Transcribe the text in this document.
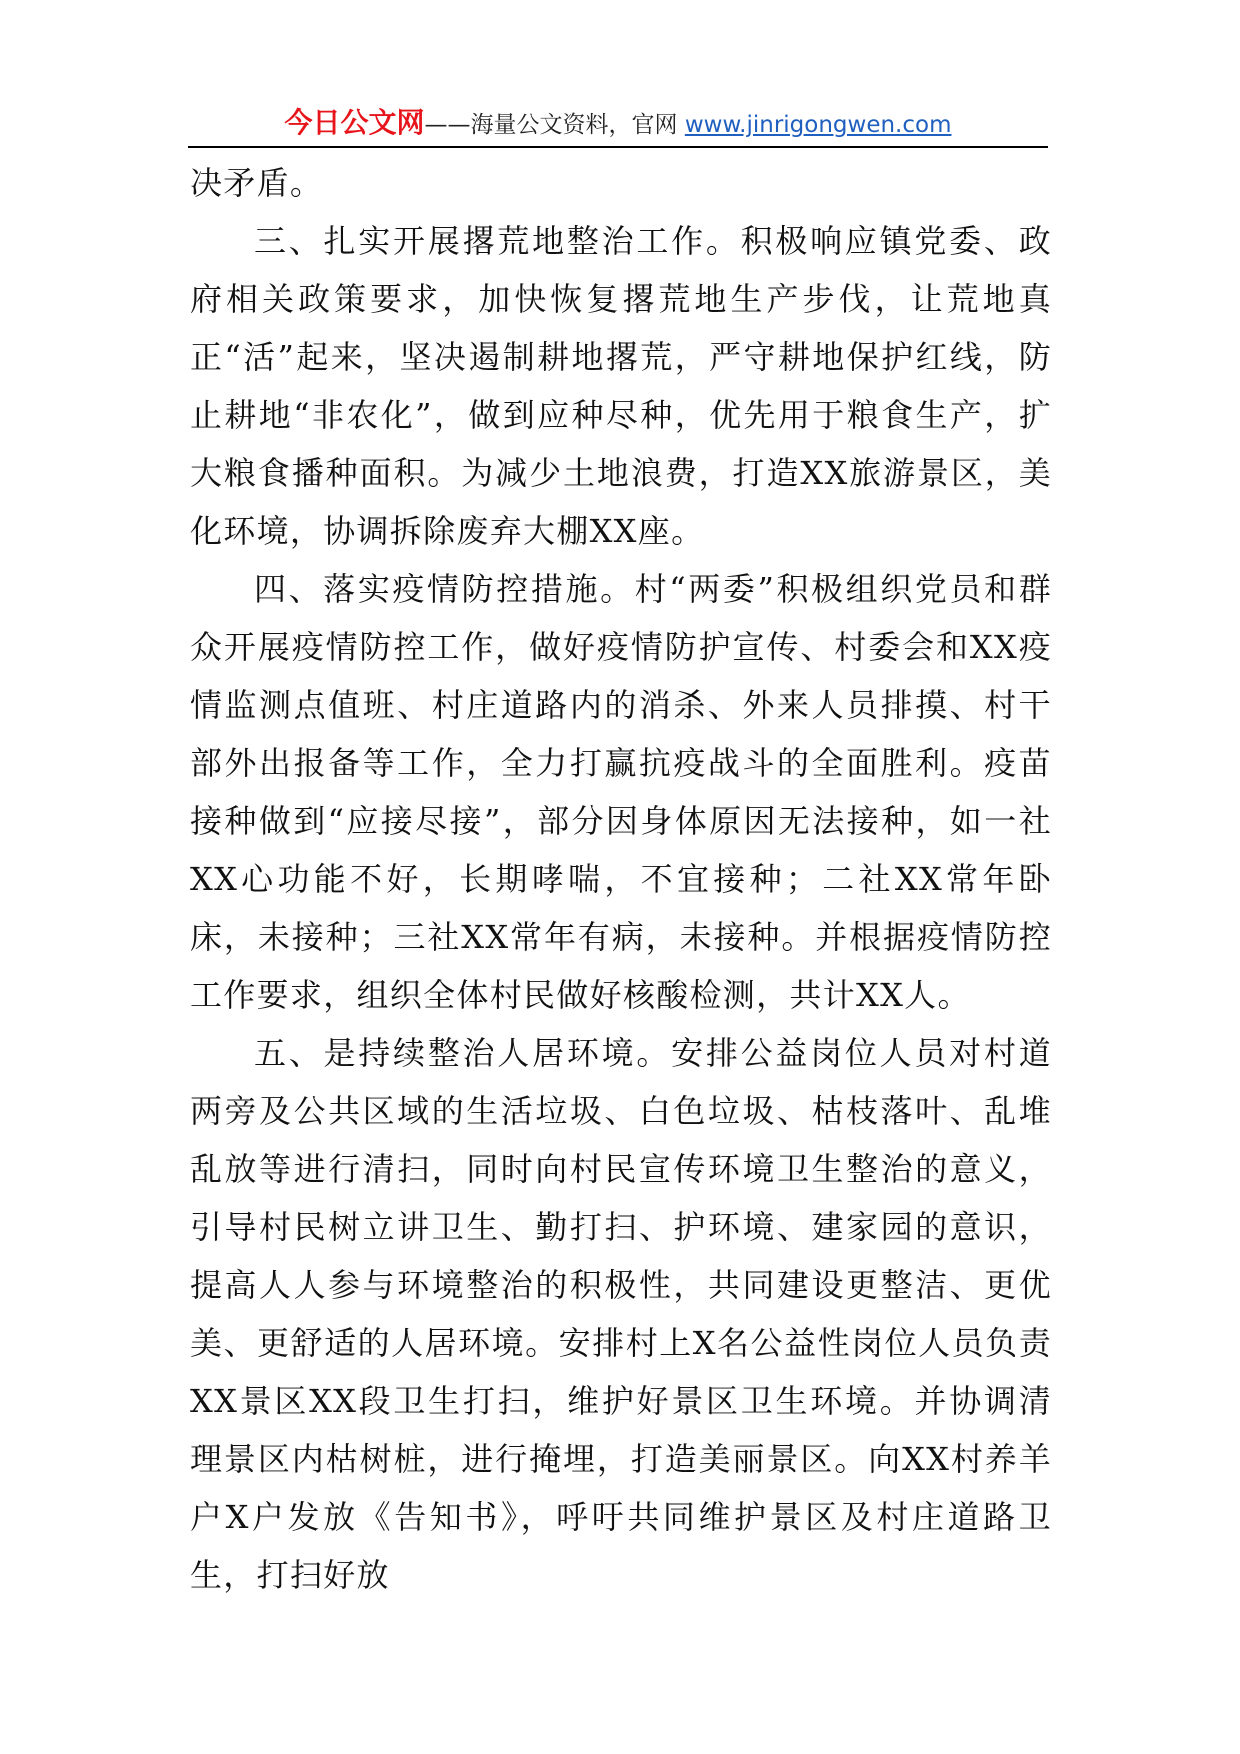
今日公文网——海量公文资料，官网 www.jinrigongwen.com

决矛盾。

三、扎实开展撂荒地整治工作。积极响应镇党委、政府相关政策要求，加快恢复撂荒地生产步伐，让荒地真正“活”起来，坚决遏制耕地撂荒，严守耕地保护红线，防止耕地“非农化”，做到应种尽种，优先用于粮食生产，扩大粮食播种面积。为减少土地浪费，打造XX旅游景区，美化环境，协调拆除废弃大棚XX座。

四、落实疫情防控措施。村“两委”积极组织党员和群众开展疫情防控工作，做好疫情防护宣传、村委会和XX疫情监测点值班、村庄道路内的消杀、外来人员排摸、村干部外出报备等工作，全力打赢抗疫战斗的全面胜利。疫苗接种做到“应接尽接”，部分因身体原因无法接种，如一社XX心功能不好，长期哮喘，不宜接种；二社XX常年卧床，未接种；三社XX常年有病，未接种。并根据疫情防控工作要求，组织全体村民做好核酸检测，共计XX人。

五、是持续整治人居环境。安排公益岗位人员对村道两旁及公共区域的生活垃圾、白色垃圾、枯枝落叶、乱堆乱放等进行清扫，同时向村民宣传环境卫生整治的意义，引导村民树立讲卫生、勤打扫、护环境、建家园的意识，提高人人参与环境整治的积极性，共同建设更整洁、更优美、更舒适的人居环境。安排村上X名公益性岗位人员负责XX景区XX段卫生打扫，维护好景区卫生环境。并协调清理景区内枯树桩，进行掩埋，打造美丽景区。向XX村养羊户X户发放《告知书》，呼吁共同维护景区及村庄道路卫生，打扫好放
